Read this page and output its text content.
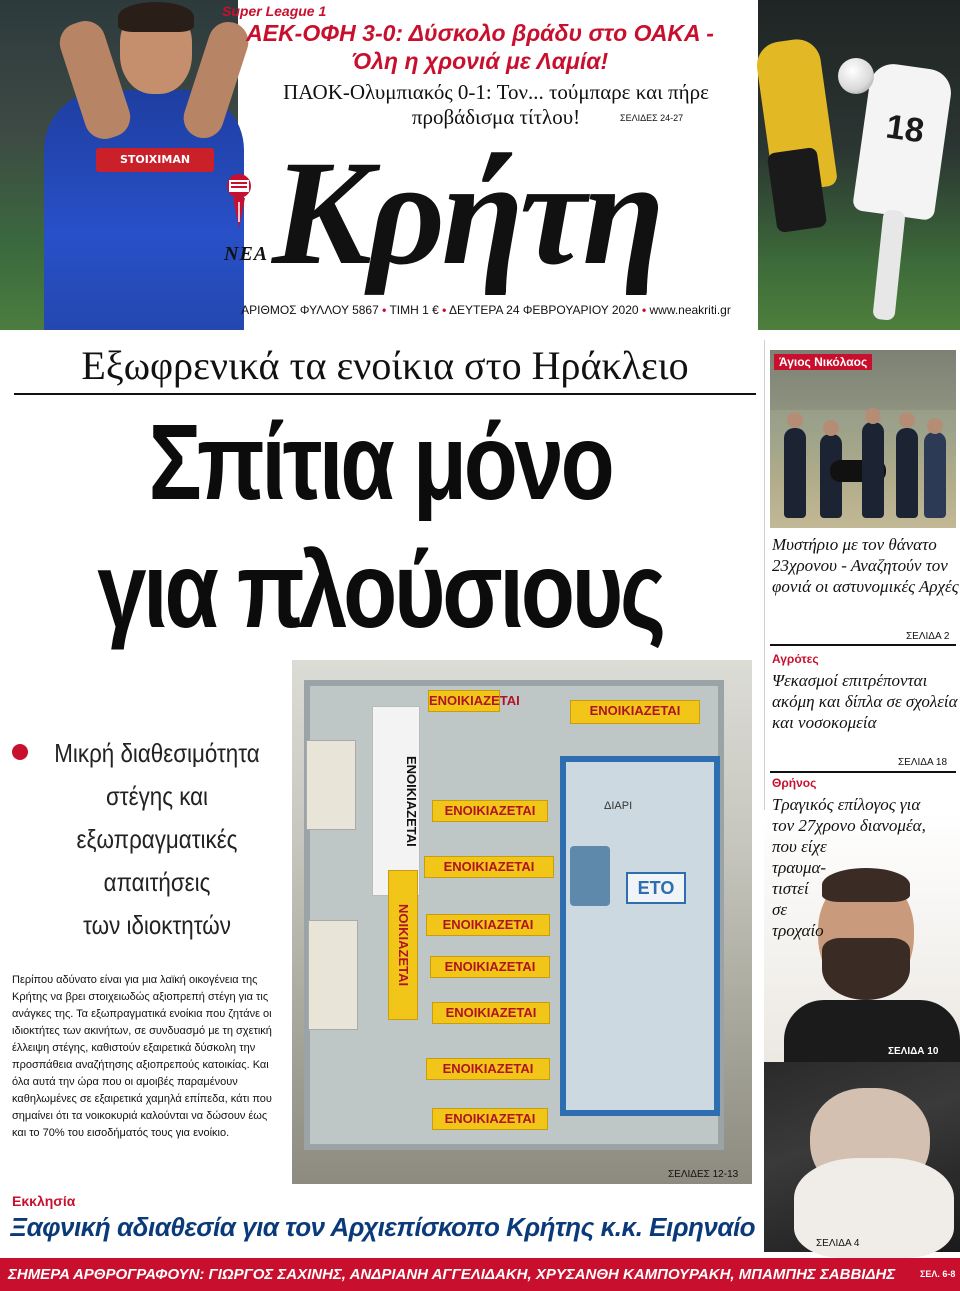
STOIXIMAN
18
Super League 1
ΑΕΚ-ΟΦΗ 3-0: Δύσκολο βράδυ στο ΟΑΚΑ - Όλη η χρονιά με Λαμία!
ΠΑΟΚ-Ολυμπιακός 0-1: Τον... τούμπαρε και πήρε προβάδισμα τίτλου!	ΣΕΛΙΔΕΣ 24-27
ΝΕΑ Κρήτη
ΑΡΙΘΜΟΣ ΦΥΛΛΟΥ 5867 • ΤΙΜΗ 1 € • ΔΕΥΤΕΡΑ 24 ΦΕΒΡΟΥΑΡΙΟΥ 2020 • www.neakriti.gr
Εξωφρενικά τα ενοίκια στο Ηράκλειο
Σπίτια μόνο
για πλούσιους
ΕΤΟ
ΔΙΑΡΙ
ΕΝΟΙΚΙΑΖΕΤΑΙ
ΕΝΟΙΚΙΑΖΕΤΑΙ
ΕΝΟΙΚΙΑΖΕΤΑΙ
ΕΝΟΙΚΙΑΖΕΤΑΙ
ΕΝΟΙΚΙΑΖΕΤΑΙ
ΝΟΙΚΙΑΖΕΤΑΙ	ΕΝΟΙΚΙΑΖΕΤΑΙ
ΕΝΟΙΚΙΑΖΕΤΑΙ
ΕΝΟΙΚΙΑΖΕΤΑΙ
ΕΝΟΙΚΙΑΖΕΤΑΙ
ΕΝΟΙΚΙΑΖΕΤΑΙ
ΣΕΛΙΔΕΣ 12-13
Μικρή διαθεσιμότητα
στέγης και
εξωπραγματικές
απαιτήσεις
των ιδιοκτητών

Περίπου αδύνατο είναι για μια λαϊκή οικογένεια της Κρήτης να βρει στοιχειωδώς αξιοπρεπή στέγη για τις ανάγκες της. Τα εξωπραγματικά ενοίκια που ζητάνε οι ιδιοκτήτες των ακινήτων, σε συνδυασμό με τη σχετική έλλειψη στέγης, καθιστούν εξαιρετικά δύσκολη την προσπάθεια αναζήτησης αξιοπρεπούς κατοικίας. Και όλα αυτά την ώρα που οι αμοιβές παραμένουν καθηλωμένες σε εξαιρετικά χαμηλά επίπεδα, κάτι που σημαίνει ότι τα νοικοκυριά καλούνται να δώσουν έως και το 70% του εισοδήματός τους για ενοίκιο.

Άγιος Νικόλαος
Μυστήριο με τον θάνατο 23χρονου - Αναζητούν τον φονιά οι αστυνομικές Αρχές
ΣΕΛΙΔΑ 2
Αγρότες
Ψεκασμοί επιτρέπονται ακόμη και δίπλα σε σχολεία και νοσοκομεία
ΣΕΛΙΔΑ 18
Θρήνος
Τραγικός επίλογος για
τον 27χρονο διανομέα,
που είχε
τραυμα-
τιστεί
σε
τροχαίο
ΣΕΛΙΔΑ 10
Εκκλησία
Ξαφνική αδιαθεσία για τον Αρχιεπίσκοπο Κρήτης κ.κ. Ειρηναίο
ΣΕΛΙΔΑ 4
ΣΗΜΕΡΑ ΑΡΘΡΟΓΡΑΦΟΥΝ: ΓΙΩΡΓΟΣ ΣΑΧΙΝΗΣ, ΑΝΔΡΙΑΝΗ ΑΓΓΕΛΙΔΑΚΗ, ΧΡΥΣΑΝΘΗ ΚΑΜΠΟΥΡΑΚΗ, ΜΠΑΜΠΗΣ ΣΑΒΒΙΔΗΣ	ΣΕΛ. 6-8
